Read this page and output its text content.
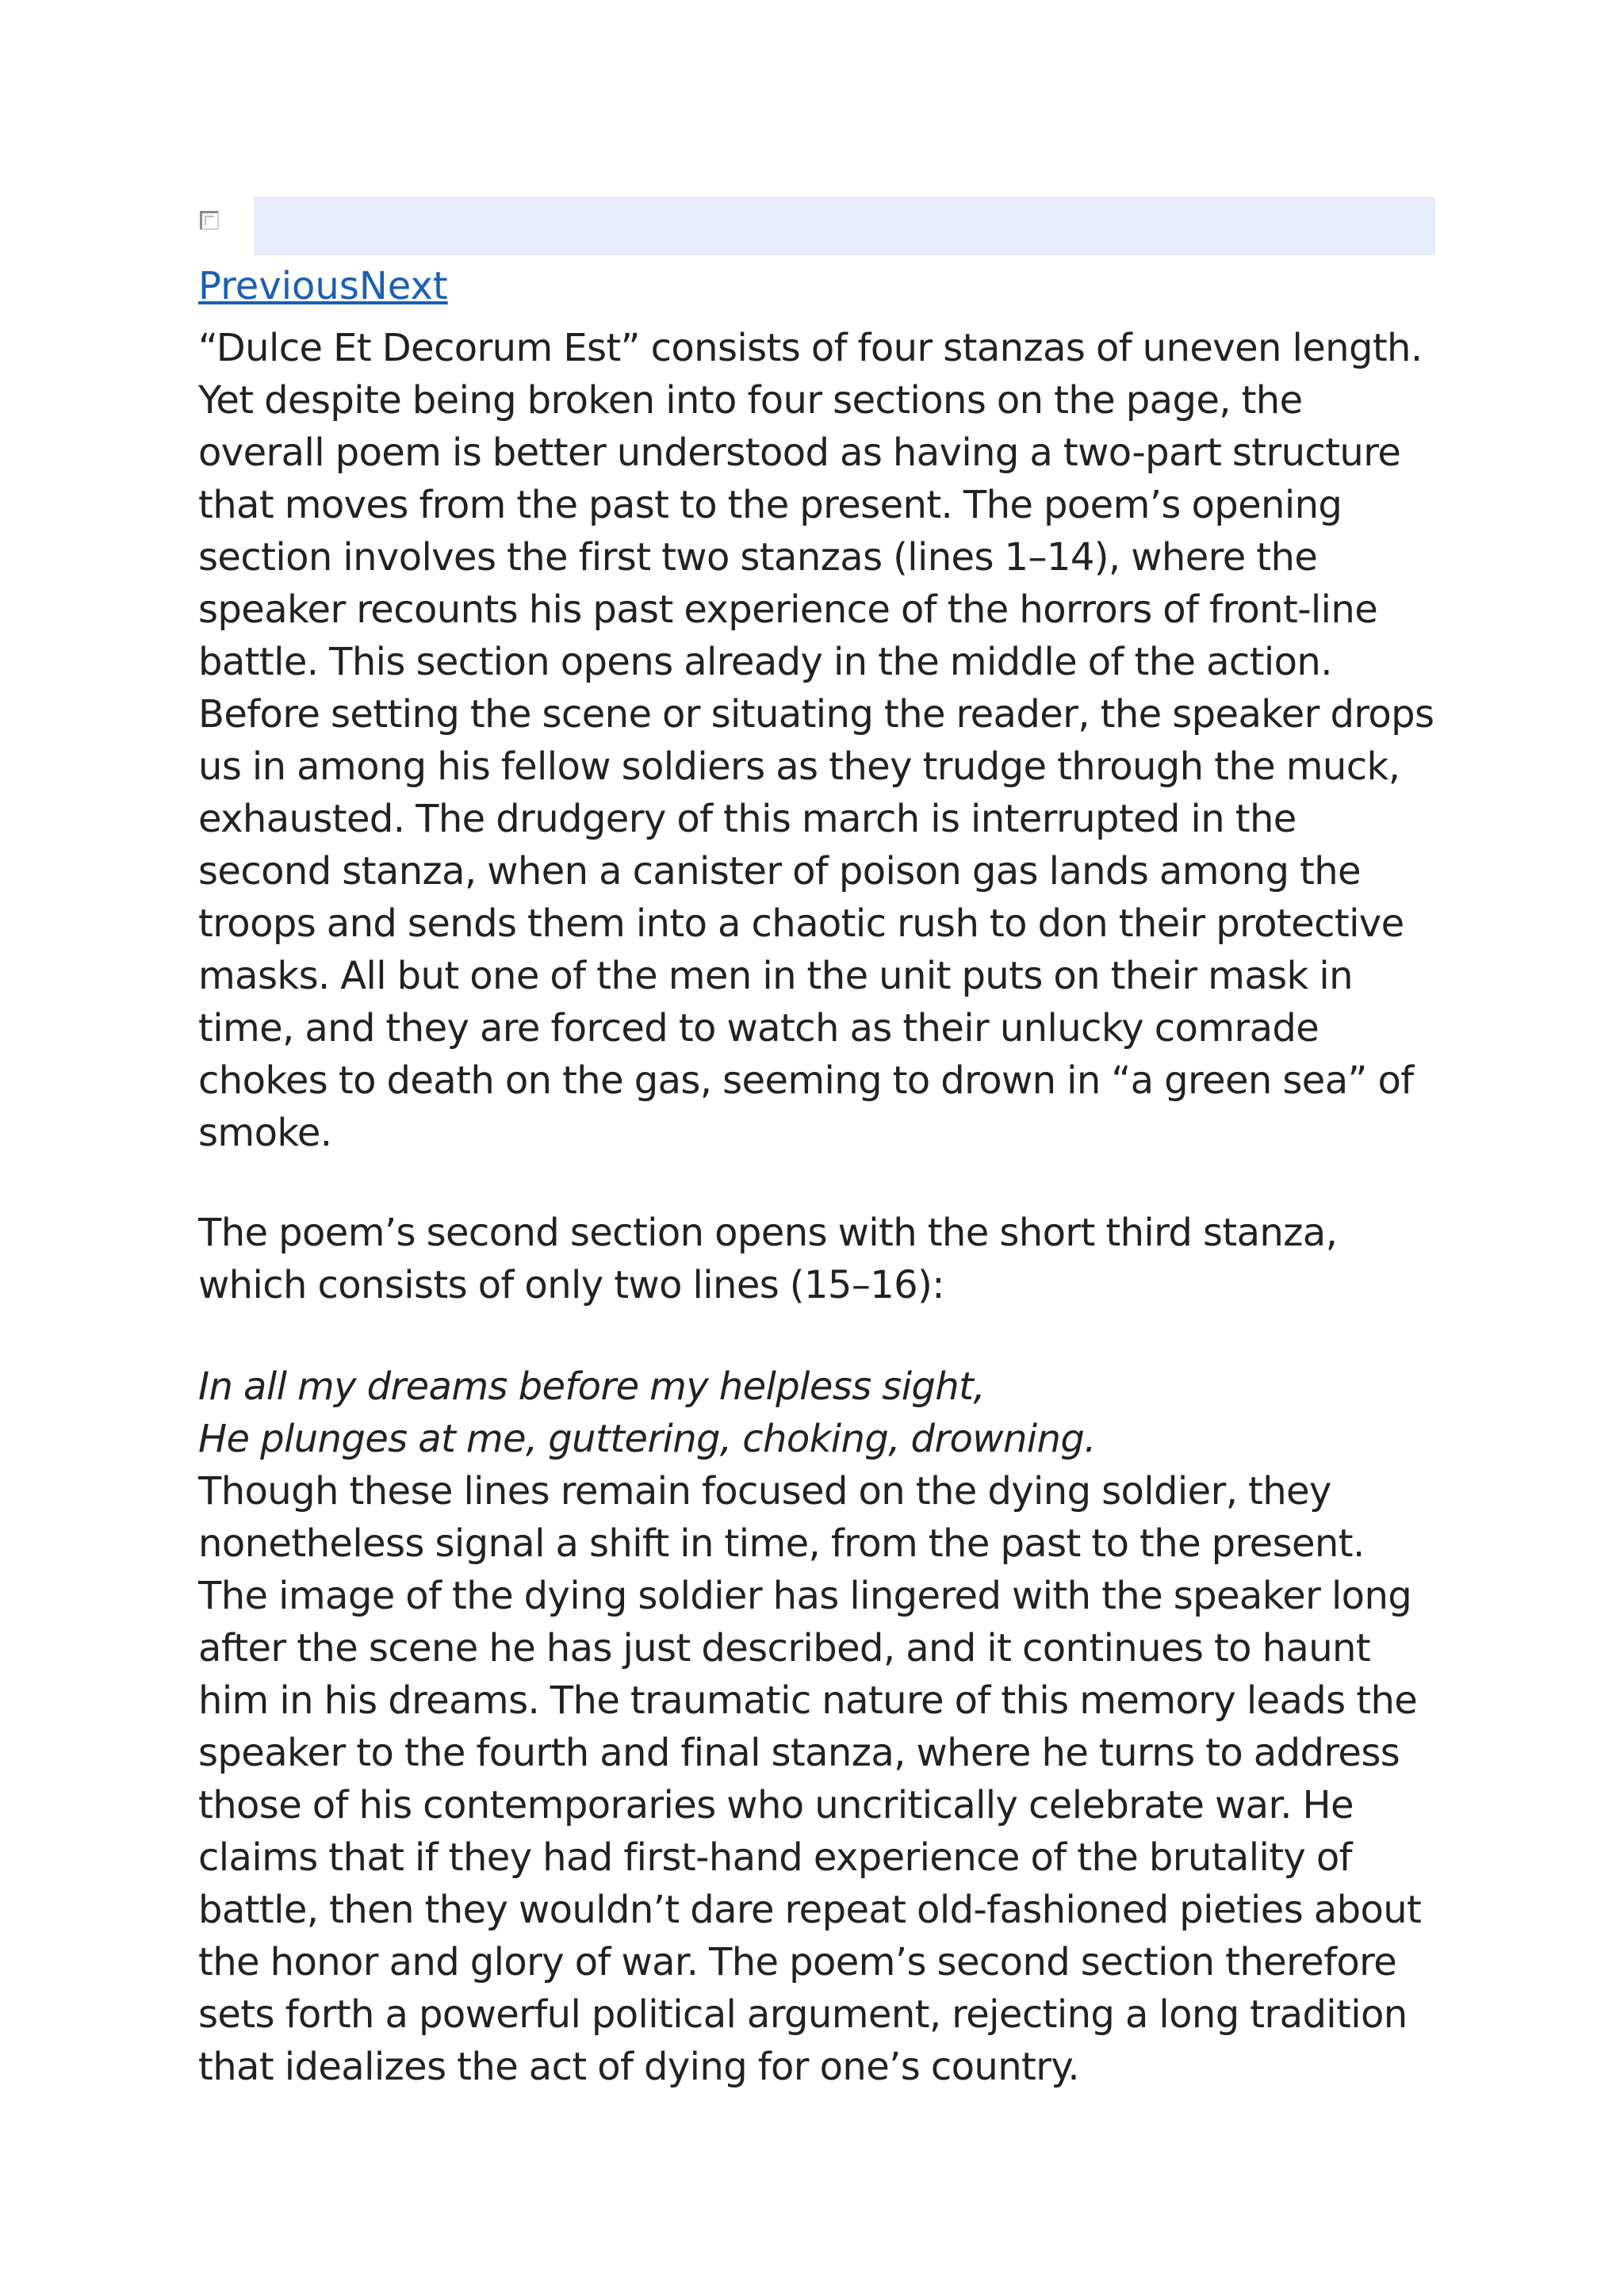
PreviousNext

“Dulce Et Decorum Est” consists of four stanzas of uneven length. Yet despite being broken into four sections on the page, the overall poem is better understood as having a two-part structure that moves from the past to the present. The poem’s opening section involves the first two stanzas (lines 1–14), where the speaker recounts his past experience of the horrors of front-line battle. This section opens already in the middle of the action. Before setting the scene or situating the reader, the speaker drops us in among his fellow soldiers as they trudge through the muck, exhausted. The drudgery of this march is interrupted in the second stanza, when a canister of poison gas lands among the troops and sends them into a chaotic rush to don their protective masks. All but one of the men in the unit puts on their mask in time, and they are forced to watch as their unlucky comrade chokes to death on the gas, seeming to drown in “a green sea” of smoke.

The poem’s second section opens with the short third stanza, which consists of only two lines (15–16):

In all my dreams before my helpless sight,

He plunges at me, guttering, choking, drowning.

Though these lines remain focused on the dying soldier, they nonetheless signal a shift in time, from the past to the present. The image of the dying soldier has lingered with the speaker long after the scene he has just described, and it continues to haunt him in his dreams. The traumatic nature of this memory leads the speaker to the fourth and final stanza, where he turns to address those of his contemporaries who uncritically celebrate war. He claims that if they had first-hand experience of the brutality of battle, then they wouldn’t dare repeat old-fashioned pieties about the honor and glory of war. The poem’s second section therefore sets forth a powerful political argument, rejecting a long tradition that idealizes the act of dying for one’s country.
